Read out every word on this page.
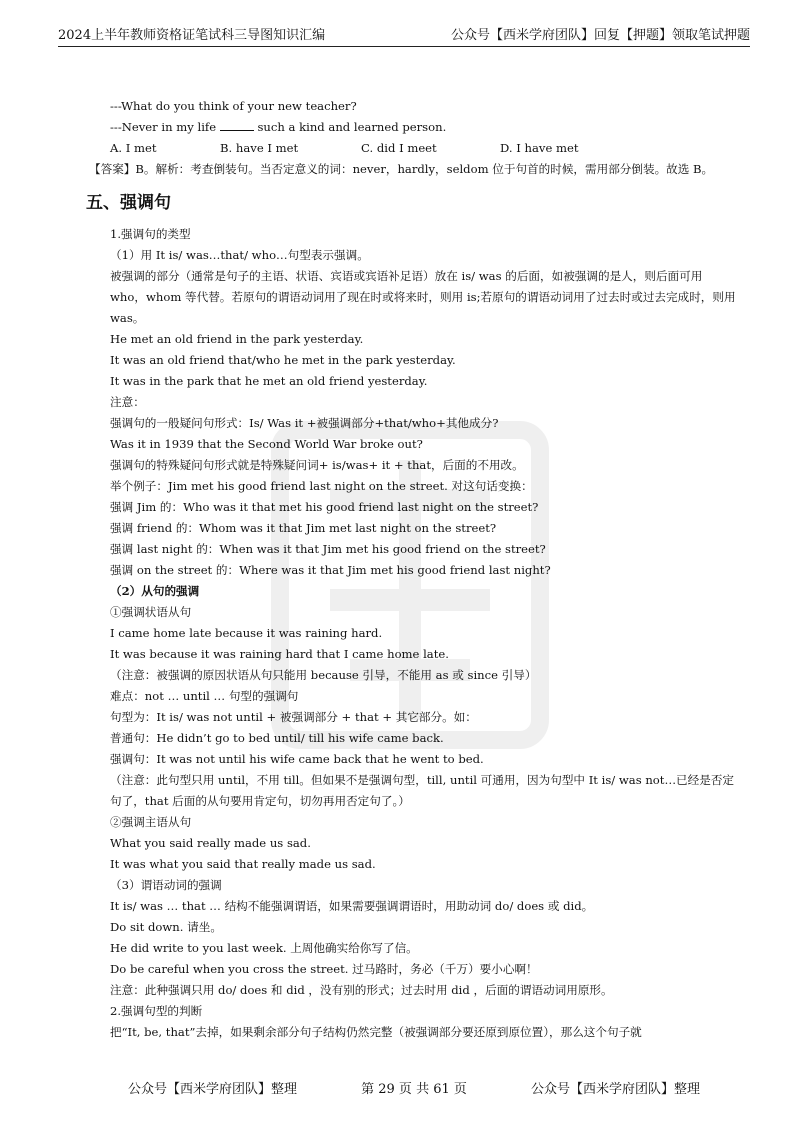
2024上半年教师资格证笔试科三导图知识汇编	公众号【西米学府团队】回复【押题】领取笔试押题
---What do you think of your new teacher?
---Never in my life	such a kind and learned person.
A. I met	B. have I met	C. did I meet	D. I have met
【答案】B。解析：考查倒装句。当否定意义的词：never，hardly，seldom 位于句首的时候，需用部分倒装。故选 B。
五、强调句
1.强调句的类型
（1）用 It is/ was…that/ who…句型表示强调。
被强调的部分（通常是句子的主语、状语、宾语或宾语补足语）放在 is/ was 的后面，如被强调的是人，则后面可用 who，whom 等代替。若原句的谓语动词用了现在时或将来时，则用 is;若原句的谓语动词用了过去时或过去完成时，则用 was。
He met an old friend in the park yesterday.
It was an old friend that/who he met in the park yesterday.
It was in the park that he met an old friend yesterday.
注意：
强调句的一般疑问句形式：Is/ Was it +被强调部分+that/who+其他成分?
Was it in 1939 that the Second World War broke out?
强调句的特殊疑问句形式就是特殊疑问词+ is/was+ it + that，后面的不用改。
举个例子：Jim met his good friend last night on the street. 对这句话变换：
强调 Jim 的：Who was it that met his good friend last night on the street?
强调 friend 的：Whom was it that Jim met last night on the street?
强调 last night 的：When was it that Jim met his good friend on the street?
强调 on the street 的：Where was it that Jim met his good friend last night?
（2）从句的强调
①强调状语从句
I came home late because it was raining hard.
It was because it was raining hard that I came home late.
（注意：被强调的原因状语从句只能用 because 引导，不能用 as 或 since 引导）
难点：not … until … 句型的强调句
句型为：It is/ was not until + 被强调部分 + that + 其它部分。如：
普通句：He didn’t go to bed until/ till his wife came back.
强调句：It was not until his wife came back that he went to bed.
（注意：此句型只用 until，不用 till。但如果不是强调句型，till, until 可通用，因为句型中 It is/ was not…已经是否定句了，that 后面的从句要用肯定句，切勿再用否定句了。）
②强调主语从句
What you said really made us sad.
It was what you said that really made us sad.
（3）谓语动词的强调
It is/ was … that … 结构不能强调谓语，如果需要强调谓语时，用助动词 do/ does 或 did。
Do sit down. 请坐。
He did write to you last week. 上周他确实给你写了信。
Do be careful when you cross the street. 过马路时，务必（千万）要小心啊！
注意：此种强调只用 do/ does 和 did ，没有别的形式；过去时用 did ，后面的谓语动词用原形。
2.强调句型的判断
把“It, be, that”去掉，如果剩余部分句子结构仍然完整（被强调部分要还原到原位置），那么这个句子就
公众号【西米学府团队】整理	第 29 页 共 61 页	公众号【西米学府团队】整理
